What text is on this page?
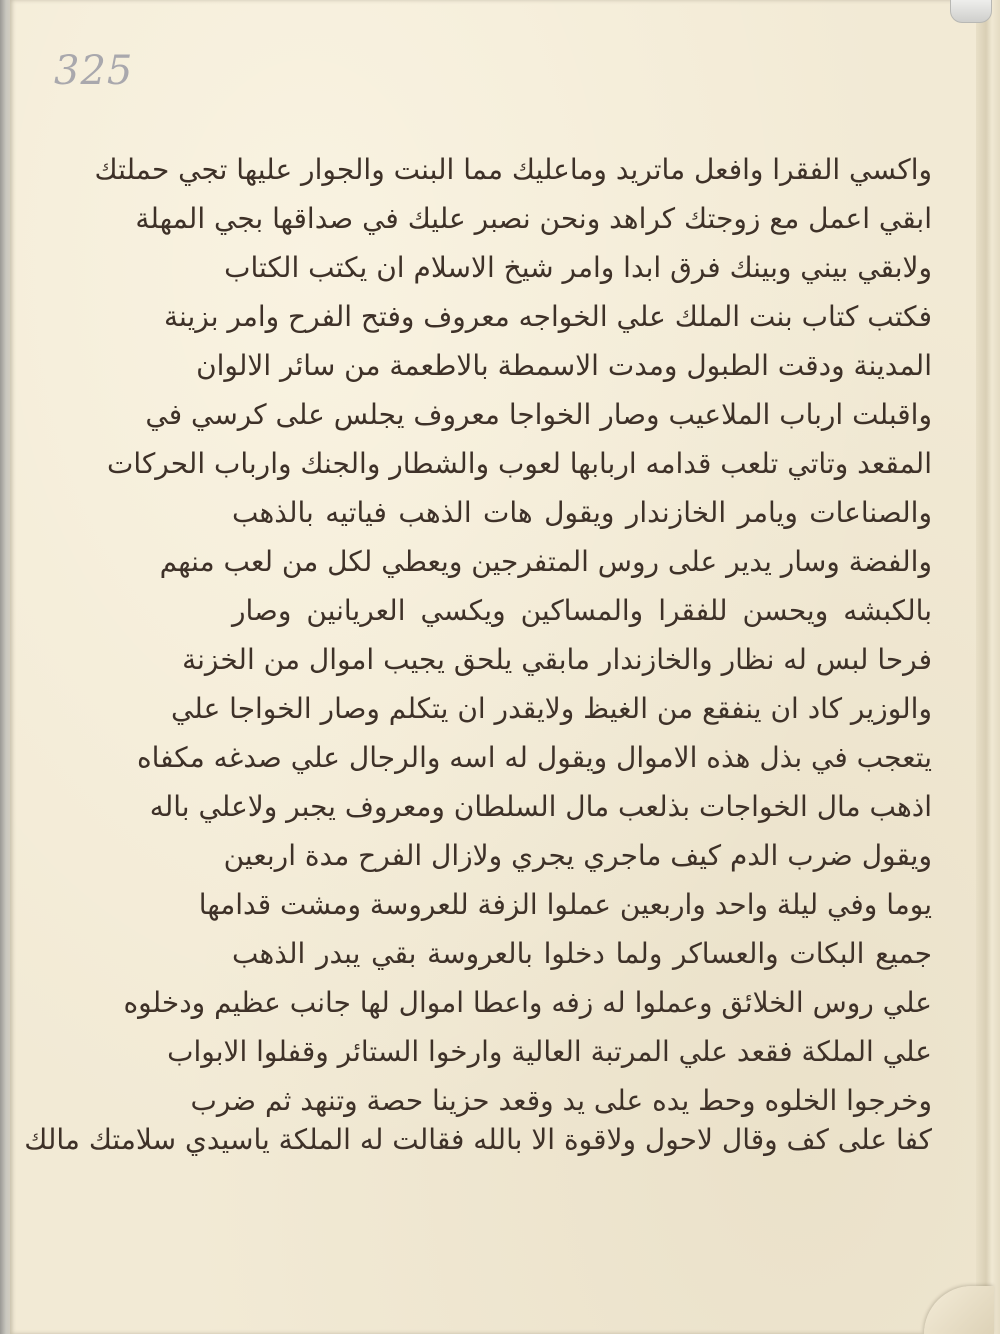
325

واكسي الفقرا وافعل ماتريد وماعليك مما البنت والجوار عليها تجي حملتك

ابقي اعمل مع زوجتك كراهد ونحن نصبر عليك في صداقها بجي المهلة

ولابقي بيني وبينك فرق ابدا وامر شيخ الاسلام ان يكتب الكتاب

فكتب كتاب بنت الملك علي الخواجه معروف وفتح الفرح وامر بزينة

المدينة ودقت الطبول ومدت الاسمطة بالاطعمة من سائر الالوان

واقبلت ارباب الملاعيب وصار الخواجا معروف يجلس على كرسي في

المقعد وتاتي تلعب قدامه اربابها لعوب والشطار والجنك وارباب الحركات

والصناعات ويامر الخازندار ويقول هات الذهب فياتيه بالذهب

والفضة وسار يدير على روس المتفرجين ويعطي لكل من لعب منهم

بالكبشه ويحسن للفقرا والمساكين ويكسي العريانين وصار

فرحا لبس له نظار والخازندار مابقي يلحق يجيب اموال من الخزنة

والوزير كاد ان ينفقع من الغيظ ولايقدر ان يتكلم وصار الخواجا علي

يتعجب في بذل هذه الاموال ويقول له اسه والرجال علي صدغه مكفاه

اذهب مال الخواجات بذلعب مال السلطان ومعروف يجبر ولاعلي باله

ويقول ضرب الدم كيف ماجري يجري ولازال الفرح مدة اربعين

يوما وفي ليلة واحد واربعين عملوا الزفة للعروسة ومشت قدامها

جميع البكات والعساكر ولما دخلوا بالعروسة بقي يبدر الذهب

علي روس الخلائق وعملوا له زفه واعطا اموال لها جانب عظيم ودخلوه

علي الملكة فقعد علي المرتبة العالية وارخوا الستائر وقفلوا الابواب

وخرجوا الخلوه وحط يده على يد وقعد حزينا حصة وتنهد ثم ضرب

كفا على كف وقال لاحول ولاقوة الا بالله فقالت له الملكة ياسيدي سلامتك مالك
